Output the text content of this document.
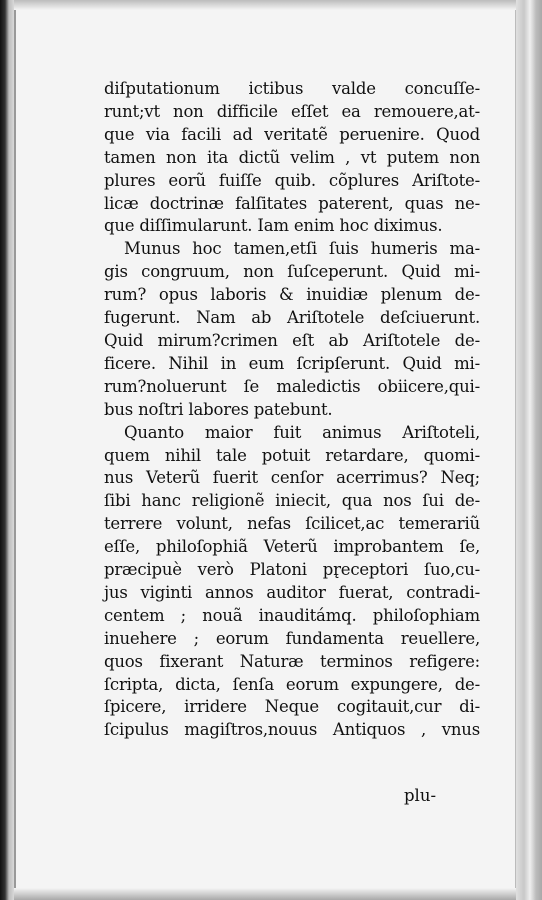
diſputationum ictibus valde concuſſe-
runt;vt non difficile eſſet ea remouere,at-
que via facili ad veritatẽ peruenire. Quod
tamen non ita dictũ velim , vt putem non
plures eorũ fuiſſe quib. cõplures Ariſtote-
licæ doctrinæ falſitates paterent, quas ne-
que diſſimularunt. Iam enim hoc diximus.
Munus hoc tamen,etſi ſuis humeris ma-
gis congruum, non ſuſceperunt. Quid mi-
rum? opus laboris & inuidiæ plenum de-
fugerunt. Nam ab Ariſtotele deſciuerunt.
Quid mirum?crimen eſt ab Ariſtotele de-
ficere. Nihil in eum ſcripſerunt. Quid mi-
rum?noluerunt ſe maledictis obiicere,qui-
bus noſtri labores patebunt.
Quanto maior fuit animus Ariſtoteli,
quem nihil tale potuit retardare, quomi-
nus Veterũ fuerit cenſor acerrimus? Neq;
ſibi hanc religionẽ iniecit, qua nos ſui de-
terrere volunt, nefas ſcilicet,ac temerariũ
eſſe, philoſophiã Veterũ improbantem ſe,
præcipuè verò Platoni pr̨eceptori ſuo,cu-
jus viginti annos auditor fuerat, contradi-
centem ; nouã inauditámq. philoſophiam
inuehere ; eorum fundamenta reuellere,
quos fixerant Naturæ terminos refigere:
ſcripta, dicta, ſenſa eorum expungere, de-
ſpicere, irridere Neque cogitauit,cur di-
ſcipulus magiſtros,nouus Antiquos , vnus
plu-
